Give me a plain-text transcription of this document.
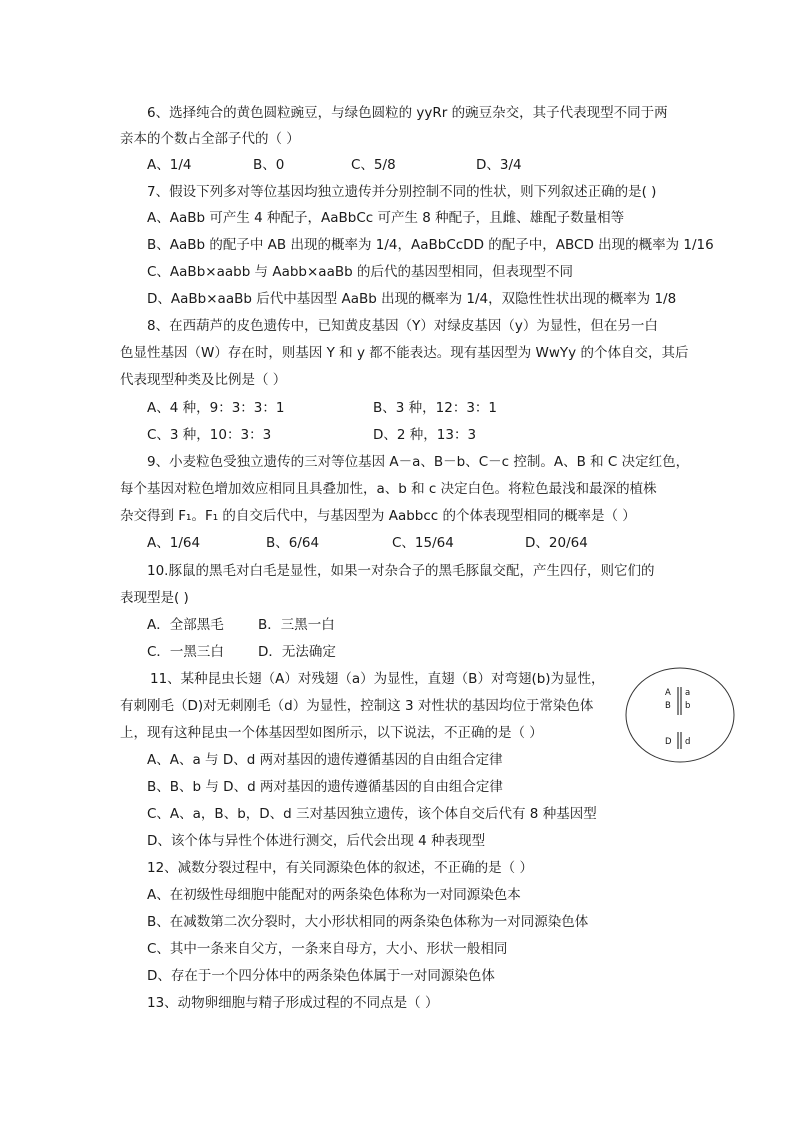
6、选择纯合的黄色圆粒豌豆，与绿色圆粒的 yyRr 的豌豆杂交，其子代表现型不同于两
亲本的个数占全部子代的（ ）
A、1/4	B、0	C、5/8	D、3/4
7、假设下列多对等位基因均独立遗传并分别控制不同的性状，则下列叙述正确的是( )
A、AaBb 可产生 4 种配子，AaBbCc 可产生 8 种配子，且雌、雄配子数量相等
B、AaBb 的配子中 AB 出现的概率为 1/4，AaBbCcDD 的配子中，ABCD 出现的概率为 1/16
C、AaBb×aabb 与 Aabb×aaBb 的后代的基因型相同，但表现型不同
D、AaBb×aaBb 后代中基因型 AaBb 出现的概率为 1/4，双隐性性状出现的概率为 1/8
8、在西葫芦的皮色遗传中，已知黄皮基因（Y）对绿皮基因（y）为显性，但在另一白
色显性基因（W）存在时，则基因 Y 和 y 都不能表达。现有基因型为 WwYy 的个体自交，其后
代表现型种类及比例是（ ）
A、4 种，9：3：3：1	B、3 种，12：3：1
C、3 种，10：3：3	D、2 种，13：3
9、小麦粒色受独立遗传的三对等位基因 A－a、B－b、C－c 控制。A、B 和 C 决定红色，
每个基因对粒色增加效应相同且具叠加性，a、b 和 c 决定白色。将粒色最浅和最深的植株
杂交得到 F₁。F₁ 的自交后代中，与基因型为 Aabbcc 的个体表现型相同的概率是（ ）
A、1/64	B、6/64	C、15/64	D、20/64
10.豚鼠的黑毛对白毛是显性，如果一对杂合子的黑毛豚鼠交配，产生四仔，则它们的
表现型是( )
A．全部黑毛	B．三黑一白
C．一黑三白	D．无法确定
11、某种昆虫长翅（A）对残翅（a）为显性，直翅（B）对弯翅(b)为显性，
有刺刚毛（D)对无刺刚毛（d）为显性，控制这 3 对性状的基因均位于常染色体
上，现有这种昆虫一个体基因型如图所示，以下说法，不正确的是（ ）
A、A、a 与 D、d 两对基因的遗传遵循基因的自由组合定律
B、B、b 与 D、d 两对基因的遗传遵循基因的自由组合定律
C、A、a，B、b，D、d 三对基因独立遗传，该个体自交后代有 8 种基因型
D、该个体与异性个体进行测交，后代会出现 4 种表现型
A a
B b
D d
12、减数分裂过程中，有关同源染色体的叙述，不正确的是（ ）
A、在初级性母细胞中能配对的两条染色体称为一对同源染色本
B、在减数第二次分裂时，大小形状相同的两条染色体称为一对同源染色体
C、其中一条来自父方，一条来自母方，大小、形状一般相同
D、存在于一个四分体中的两条染色体属于一对同源染色体
13、动物卵细胞与精子形成过程的不同点是（ ）
